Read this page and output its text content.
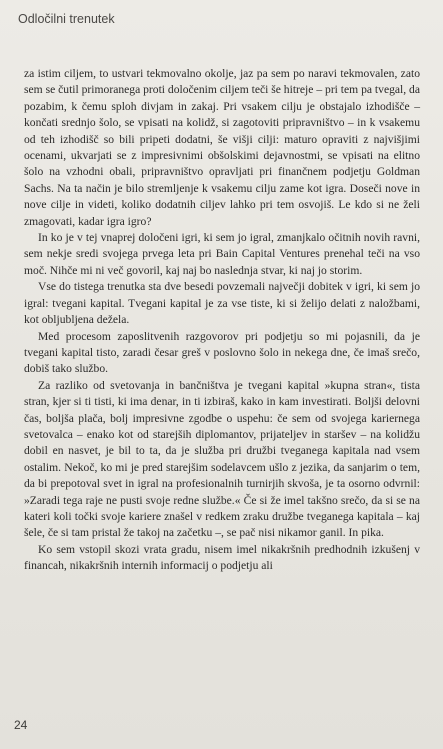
Odločilni trenutek

za istim ciljem, to ustvari tekmovalno okolje, jaz pa sem po naravi tekmovalen, zato sem se čutil primoranega proti določenim ciljem teči še hitreje – pri tem pa tvegal, da pozabim, k čemu sploh divjam in zakaj. Pri vsakem cilju je obstajalo izhodišče – končati srednjo šolo, se vpisati na kolidž, si zagotoviti pripravništvo – in k vsakemu od teh izhodišč so bili pripeti dodatni, še višji cilji: maturo opraviti z najvišjimi ocenami, ukvarjati se z impresivnimi obšolskimi dejavnostmi, se vpisati na elitno šolo na vzhodni obali, pripravništvo opravljati pri finančnem podjetju Goldman Sachs. Na ta način je bilo stremljenje k vsakemu cilju zame kot igra. Doseči nove in nove cilje in videti, koliko dodatnih ciljev lahko pri tem osvojiš. Le kdo si ne želi zmagovati, kadar igra igro?

In ko je v tej vnaprej določeni igri, ki sem jo igral, zmanjkalo očitnih novih ravni, sem nekje sredi svojega prvega leta pri Bain Capital Ventures prenehal teči na vso moč. Nihče mi ni več govoril, kaj naj bo naslednja stvar, ki naj jo storim.

Vse do tistega trenutka sta dve besedi povzemali največji dobitek v igri, ki sem jo igral: tvegani kapital. Tvegani kapital je za vse tiste, ki si želijo delati z naložbami, kot obljubljena dežela.

Med procesom zaposlitvenih razgovorov pri podjetju so mi pojasnili, da je tvegani kapital tisto, zaradi česar greš v poslovno šolo in nekega dne, če imaš srečo, dobiš tako službo.

Za razliko od svetovanja in bančništva je tvegani kapital »kupna stran«, tista stran, kjer si ti tisti, ki ima denar, in ti izbiraš, kako in kam investirati. Boljši delovni čas, boljša plača, bolj impresivne zgodbe o uspehu: če sem od svojega kariernega svetovalca – enako kot od starejših diplomantov, prijateljev in staršev – na kolidžu dobil en nasvet, je bil to ta, da je služba pri družbi tveganega kapitala nad vsem ostalim. Nekoč, ko mi je pred starejšim sodelavcem ušlo z jezika, da sanjarim o tem, da bi prepotoval svet in igral na profesionalnih turnirjih skvoša, je ta osorno odvrnil: »Zaradi tega raje ne pusti svoje redne službe.« Če si že imel takšno srečo, da si se na kateri koli točki svoje kariere znašel v redkem zraku družbe tveganega kapitala – kaj šele, če si tam pristal že takoj na začetku –, se pač nisi nikamor ganil. In pika.

Ko sem vstopil skozi vrata gradu, nisem imel nikakršnih predhodnih izkušenj v financah, nikakršnih internih informacij o podjetju ali

24
